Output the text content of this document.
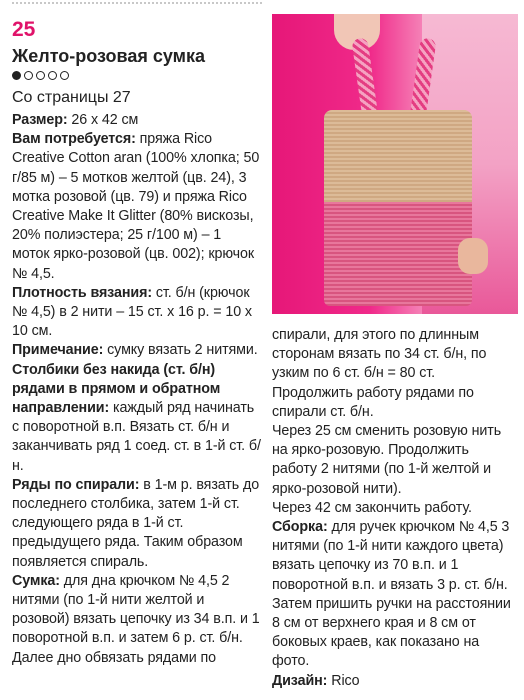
25
Желто-розовая сумка
Со страницы 27

Размер: 26 х 42 см

Вам потребуется: пряжа Rico Creative Cotton aran (100% хлопка; 50 г/85 м) – 5 мотков желтой (цв. 24), 3 мотка розовой (цв. 79) и пряжа Rico Creative Make It Glitter (80% вискозы, 20% полиэстера; 25 г/100 м) – 1 моток ярко-розовой (цв. 002); крючок № 4,5.

Плотность вязания: ст. б/н (крючок № 4,5) в 2 нити – 15 ст. х 16 р. = 10 х 10 см.

Примечание: сумку вязать 2 нитями.

Столбики без накида (ст. б/н) рядами в прямом и обратном направлении: каждый ряд начинать с поворотной в.п. Вязать ст. б/н и заканчивать ряд 1 соед. ст. в 1-й ст. б/н.

Ряды по спирали: в 1-м р. вязать до последнего столбика, затем 1-й ст. следующего ряда в 1-й ст. предыдущего ряда. Таким образом появляется спираль.

Сумка: для дна крючком № 4,5 2 нитями (по 1-й нити желтой и розовой) вязать цепочку из 34 в.п. и 1 поворотной в.п. и затем 6 р. ст. б/н.

Далее дно обвязать рядами по

спирали, для этого по длинным сторонам вязать по 34 ст. б/н, по узким по 6 ст. б/н = 80 ст. Продолжить работу рядами по спирали ст. б/н.

Через 25 см сменить розовую нить на ярко-розовую. Продолжить работу 2 нитями (по 1-й желтой и ярко-розовой нити).

Через 42 см закончить работу.

Сборка: для ручек крючком № 4,5 3 нитями (по 1-й нити каждого цвета) вязать цепочку из 70 в.п. и 1 поворотной в.п. и вязать 3 р. ст. б/н.

Затем пришить ручки на расстоянии 8 см от верхнего края и 8 см от боковых краев, как показано на фото.

Дизайн: Rico
